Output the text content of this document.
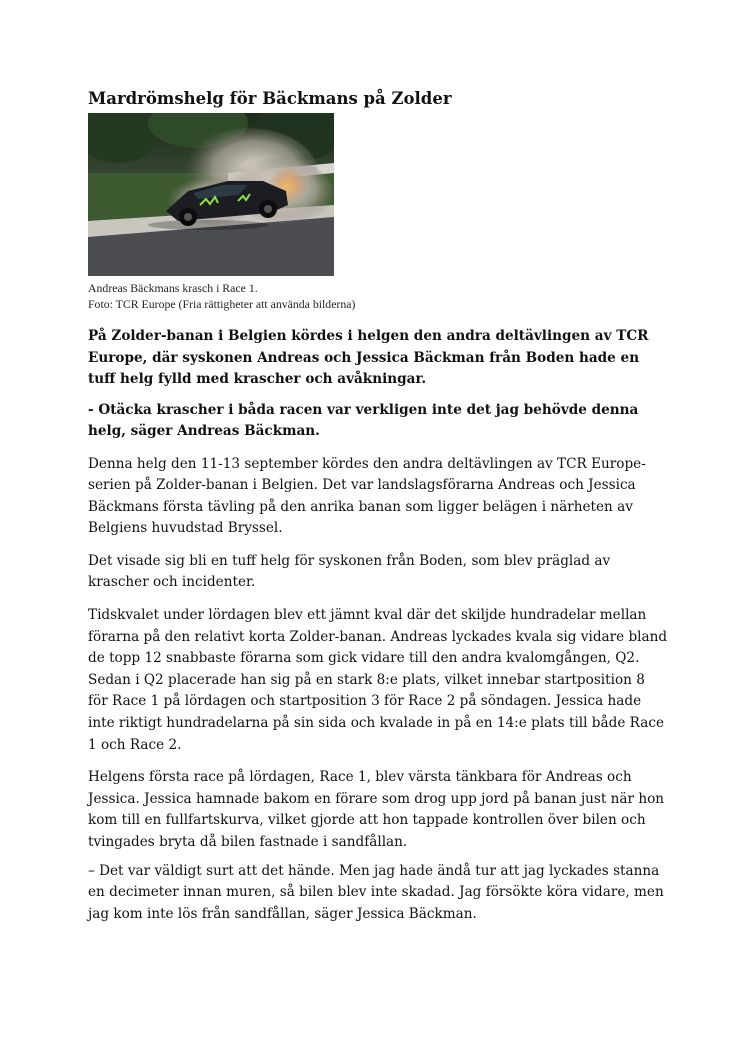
Mardrömshelg för Bäckmans på Zolder
Andreas Bäckmans krasch i Race 1.
Foto: TCR Europe (Fria rättigheter att använda bilderna)

På Zolder-banan i Belgien kördes i helgen den andra deltävlingen av TCR Europe, där syskonen Andreas och Jessica Bäckman från Boden hade en tuff helg fylld med krascher och avåkningar.

- Otäcka krascher i båda racen var verkligen inte det jag behövde denna helg, säger Andreas Bäckman.

Denna helg den 11-13 september kördes den andra deltävlingen av TCR Europe-serien på Zolder-banan i Belgien. Det var landslagsförarna Andreas och Jessica Bäckmans första tävling på den anrika banan som ligger belägen i närheten av Belgiens huvudstad Bryssel.

Det visade sig bli en tuff helg för syskonen från Boden, som blev präglad av krascher och incidenter.

Tidskvalet under lördagen blev ett jämnt kval där det skiljde hundradelar mellan förarna på den relativt korta Zolder-banan. Andreas lyckades kvala sig vidare bland de topp 12 snabbaste förarna som gick vidare till den andra kvalomgången, Q2. Sedan i Q2 placerade han sig på en stark 8:e plats, vilket innebar startposition 8 för Race 1 på lördagen och startposition 3 för Race 2 på söndagen. Jessica hade inte riktigt hundradelarna på sin sida och kvalade in på en 14:e plats till både Race 1 och Race 2.

Helgens första race på lördagen, Race 1, blev värsta tänkbara för Andreas och Jessica. Jessica hamnade bakom en förare som drog upp jord på banan just när hon kom till en fullfartskurva, vilket gjorde att hon tappade kontrollen över bilen och tvingades bryta då bilen fastnade i sandfållan.

– Det var väldigt surt att det hände. Men jag hade ändå tur att jag lyckades stanna en decimeter innan muren, så bilen blev inte skadad. Jag försökte köra vidare, men jag kom inte lös från sandfållan, säger Jessica Bäckman.
